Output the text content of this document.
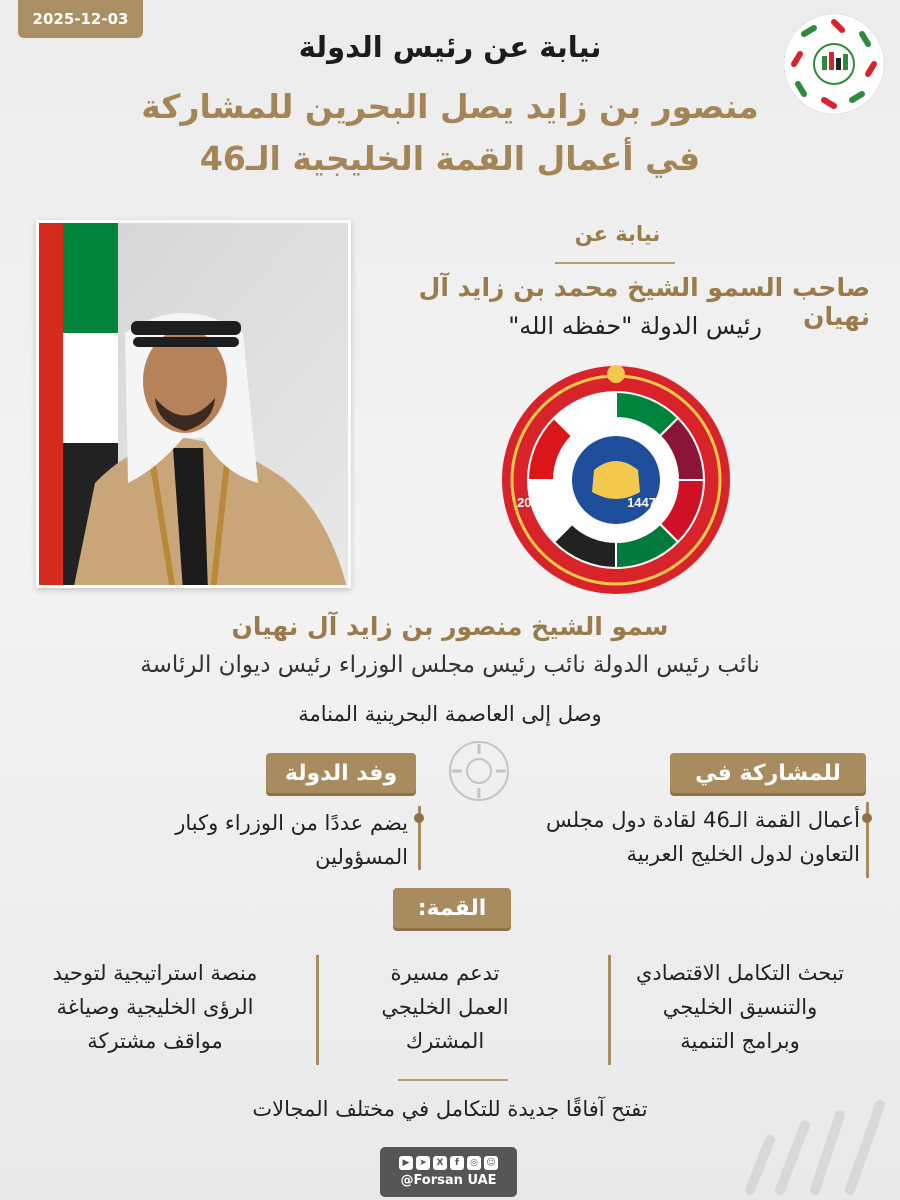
2025-12-03
نيابة عن رئيس الدولة
منصور بن زايد يصل البحرين للمشاركة
في أعمال القمة الخليجية الـ46
نيابة عن
صاحب السمو الشيخ محمد بن زايد آل نهيان
رئيس الدولة "حفظه الله"
2025	1447
سمو الشيخ منصور بن زايد آل نهيان
نائب رئيس الدولة نائب رئيس مجلس الوزراء رئيس ديوان الرئاسة
وصل إلى العاصمة البحرينية المنامة
للمشاركة في
وفد الدولة
أعمال القمة الـ46 لقادة دول مجلس
التعاون لدول الخليج العربية
يضم عددًا من الوزراء وكبار
المسؤولين
القمة:
تبحث التكامل الاقتصادي
والتنسيق الخليجي
وبرامج التنمية
تدعم مسيرة
العمل الخليجي
المشترك
منصة استراتيجية لتوحيد
الرؤى الخليجية وصياغة
مواقف مشتركة
تفتح آفاقًا جديدة للتكامل في مختلف المجالات
▶	➤	X	f	◎ ☺
@Forsan UAE
